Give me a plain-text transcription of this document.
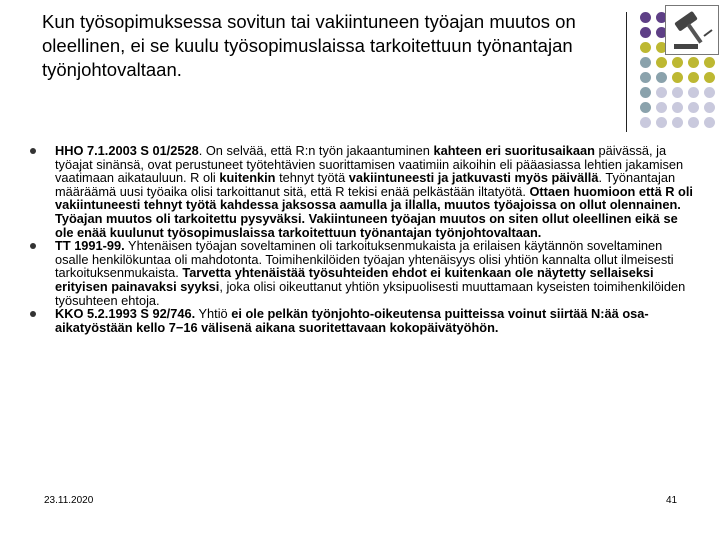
Kun työsopimuksessa sovitun tai vakiintuneen työajan muutos on oleellinen, ei se kuulu työsopimuslaissa tarkoitettuun työnantajan työnjohtovaltaan.

HHO 7.1.2003 S 01/2528. On selvää, että R:n työn jakaantuminen kahteen eri suoritusaikaan päivässä, ja työajat sinänsä, ovat perustuneet työtehtävien suorittamisen vaatimiin aikoihin eli pääasiassa lehtien jakamisen vaatimaan aikatauluun. R oli kuitenkin tehnyt työtä vakiintuneesti ja jatkuvasti myös päivällä. Työnantajan määräämä uusi työaika olisi tarkoittanut sitä, että R tekisi enää pelkästään iltatyötä. Ottaen huomioon että R oli vakiintuneesti tehnyt työtä kahdessa jaksossa aamulla ja illalla, muutos työajoissa on ollut olennainen. Työajan muutos oli tarkoitettu pysyväksi. Vakiintuneen työajan muutos on siten ollut oleellinen eikä se ole enää kuulunut työsopimuslaissa tarkoitettuun työnantajan työnjohtovaltaan.

TT 1991-99. Yhtenäisen työajan soveltaminen oli tarkoituksenmukaista ja erilaisen käytännön soveltaminen osalle henkilökuntaa oli mahdotonta. Toimihenkilöiden työajan yhtenäisyys olisi yhtiön kannalta ollut ilmeisesti tarkoituksenmukaista. Tarvetta yhtenäistää työsuhteiden ehdot ei kuitenkaan ole näytetty sellaiseksi erityisen painavaksi syyksi, joka olisi oikeuttanut yhtiön yksipuolisesti muuttamaan kyseisten toimihenkilöiden työsuhteen ehtoja.

KKO 5.2.1993 S 92/746. Yhtiö ei ole pelkän työnjohto-oikeutensa puitteissa voinut siirtää N:ää osa-aikatyöstään kello 7−16 välisenä aikana suoritettavaan kokopäivätyöhön.

23.11.2020	41
